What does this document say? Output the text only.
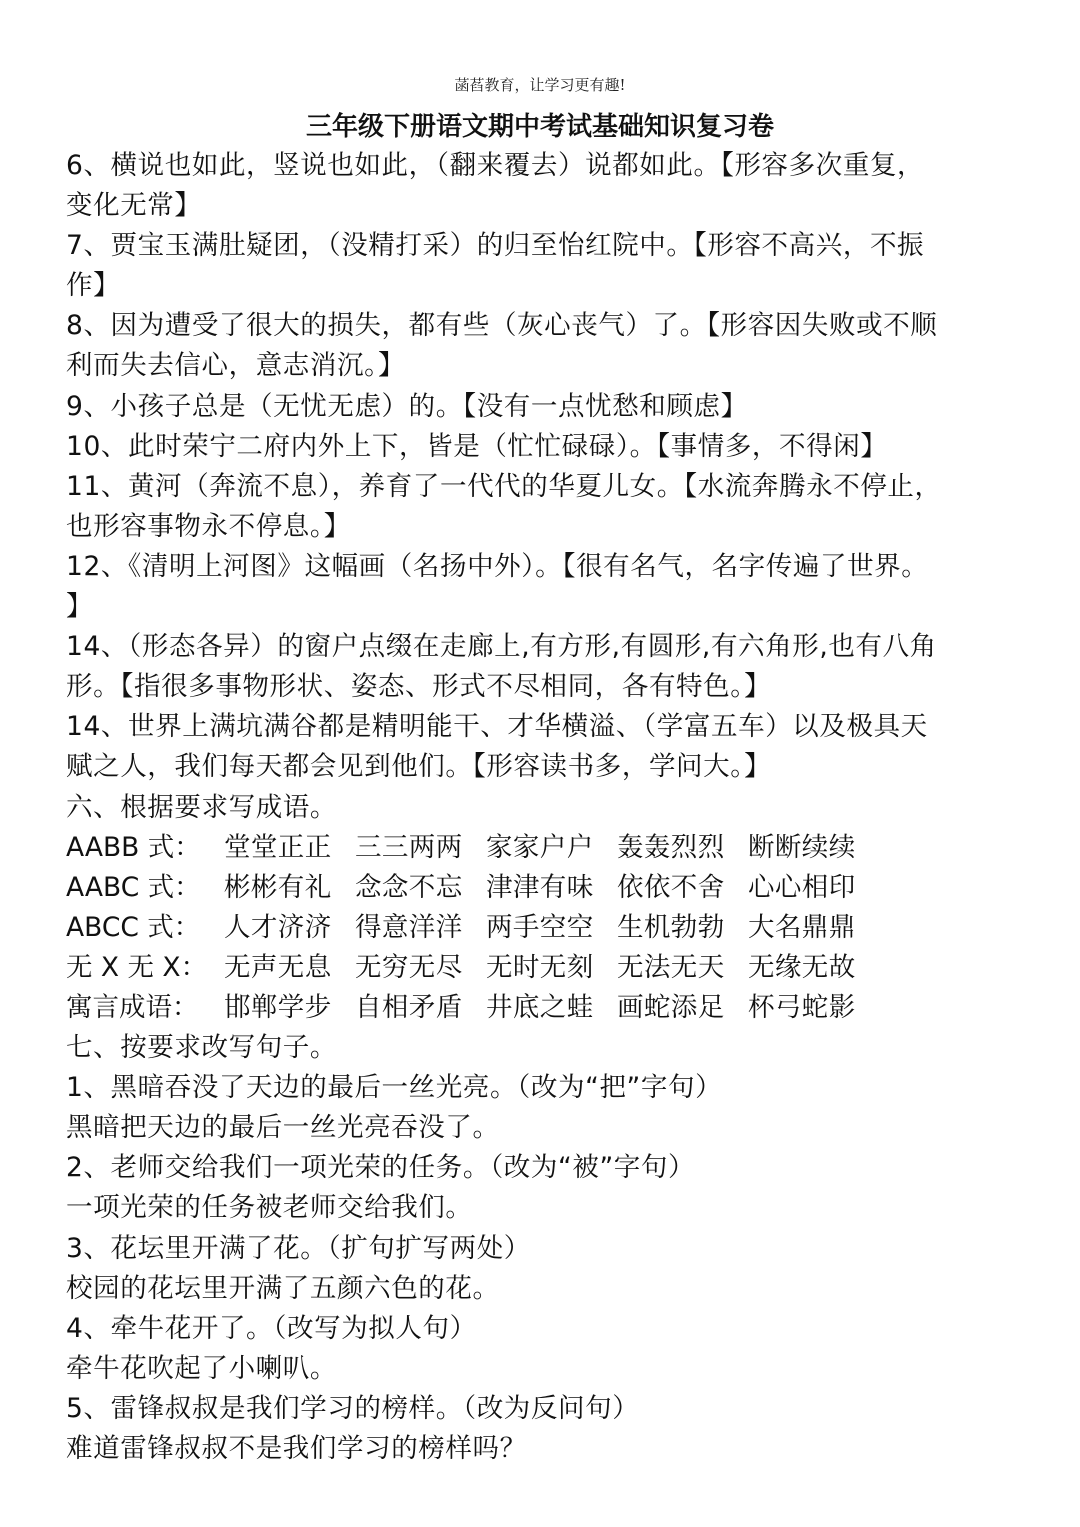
菡萏教育，让学习更有趣!
三年级下册语文期中考试基础知识复习卷
6、横说也如此，竖说也如此，（翻来覆去）说都如此。【形容多次重复，
变化无常】
7、贾宝玉满肚疑团，（没精打采）的归至怡红院中。【形容不高兴，不振
作】
8、因为遭受了很大的损失，都有些（灰心丧气）了。【形容因失败或不顺
利而失去信心，意志消沉。】
9、小孩子总是（无忧无虑）的。【没有一点忧愁和顾虑】
10、此时荣宁二府内外上下，皆是（忙忙碌碌）。【事情多，不得闲】
11、黄河（奔流不息），养育了一代代的华夏儿女。【水流奔腾永不停止，
也形容事物永不停息。】
12、《清明上河图》这幅画（名扬中外）。【很有名气，名字传遍了世界。
】
14、（形态各异）的窗户点缀在走廊上,有方形,有圆形,有六角形,也有八角
形。【指很多事物形状、姿态、形式不尽相同，各有特色。】
14、世界上满坑满谷都是精明能干、才华横溢、（学富五车）以及极具天
赋之人，我们每天都会见到他们。【形容读书多，学问大。】
六、根据要求写成语。
AABB 式： 堂堂正正 三三两两 家家户户 轰轰烈烈 断断续续
AABC 式： 彬彬有礼 念念不忘 津津有味 依依不舍 心心相印
ABCC 式： 人才济济 得意洋洋 两手空空 生机勃勃 大名鼎鼎
无 X 无 X： 无声无息 无穷无尽 无时无刻 无法无天 无缘无故
寓言成语： 邯郸学步 自相矛盾 井底之蛙 画蛇添足 杯弓蛇影
七、按要求改写句子。
1、黑暗吞没了天边的最后一丝光亮。（改为“把”字句）
黑暗把天边的最后一丝光亮吞没了。
2、老师交给我们一项光荣的任务。（改为“被”字句）
一项光荣的任务被老师交给我们。
3、花坛里开满了花。（扩句扩写两处）
校园的花坛里开满了五颜六色的花。
4、牵牛花开了。（改写为拟人句）
牵牛花吹起了小喇叭。
5、雷锋叔叔是我们学习的榜样。（改为反问句）
难道雷锋叔叔不是我们学习的榜样吗？
